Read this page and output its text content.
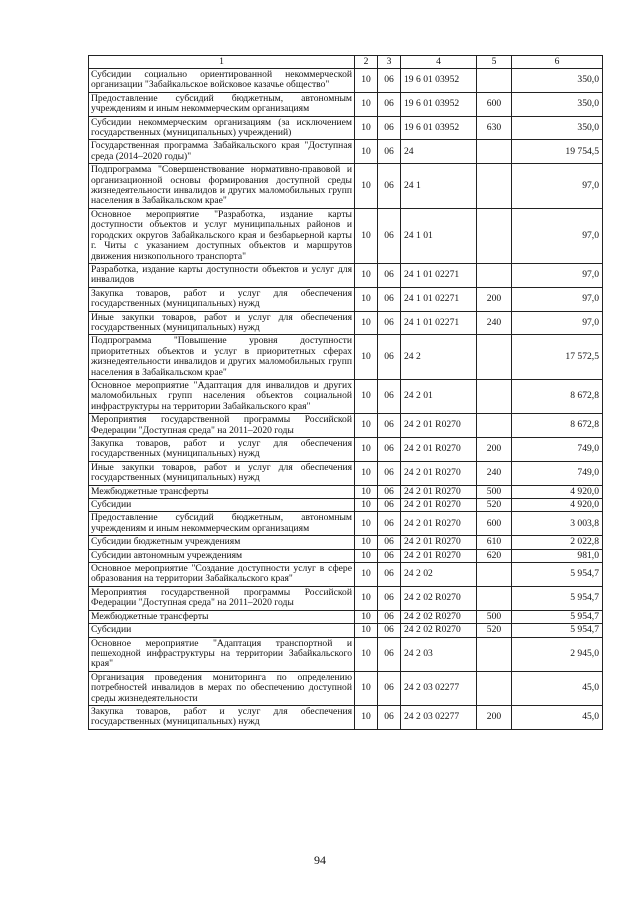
1	2	3	4	5	6
Субсидии социально ориентированной некоммерческой организации "Забайкальское войсковое казачье общество"	10	06	19 6 01 03952		350,0
Предоставление субсидий бюджетным, автономным учреждениям и иным некоммерческим организациям	10	06	19 6 01 03952	600	350,0
Субсидии некоммерческим организациям (за исключением государственных (муниципальных) учреждений)	10	06	19 6 01 03952	630	350,0
Государственная программа Забайкальского края "Доступная среда (2014–2020 годы)"	10	06	24		19 754,5
Подпрограмма "Совершенствование нормативно-правовой и организационной основы формирования доступной среды жизнедеятельности инвалидов и других маломобильных групп населения в Забайкальском крае"	10	06	24 1		97,0
Основное мероприятие "Разработка, издание карты доступности объектов и услуг муниципальных районов и городских округов Забайкальского края и безбарьерной карты г. Читы с указанием доступных объектов и маршрутов движения низкопольного транспорта"	10	06	24 1 01		97,0
Разработка, издание карты доступности объектов и услуг для инвалидов	10	06	24 1 01 02271		97,0
Закупка товаров, работ и услуг для обеспечения государственных (муниципальных) нужд	10	06	24 1 01 02271	200	97,0
Иные закупки товаров, работ и услуг для обеспечения государственных (муниципальных) нужд	10	06	24 1 01 02271	240	97,0
Подпрограмма "Повышение уровня доступности приоритетных объектов и услуг в приоритетных сферах жизнедеятельности инвалидов и других маломобильных групп населения в Забайкальском крае"	10	06	24 2		17 572,5
Основное мероприятие "Адаптация для инвалидов и других маломобильных групп населения объектов социальной инфраструктуры на территории Забайкальского края"	10	06	24 2 01		8 672,8
Мероприятия государственной программы Российской Федерации "Доступная среда" на 2011–2020 годы	10	06	24 2 01 R0270		8 672,8
Закупка товаров, работ и услуг для обеспечения государственных (муниципальных) нужд	10	06	24 2 01 R0270	200	749,0
Иные закупки товаров, работ и услуг для обеспечения государственных (муниципальных) нужд	10	06	24 2 01 R0270	240	749,0
Межбюджетные трансферты	10	06	24 2 01 R0270	500	4 920,0
Субсидии	10	06	24 2 01 R0270	520	4 920,0
Предоставление субсидий бюджетным, автономным учреждениям и иным некоммерческим организациям	10	06	24 2 01 R0270	600	3 003,8
Субсидии бюджетным учреждениям	10	06	24 2 01 R0270	610	2 022,8
Субсидии автономным учреждениям	10	06	24 2 01 R0270	620	981,0
Основное мероприятие "Создание доступности услуг в сфере образования на территории Забайкальского края"	10	06	24 2 02		5 954,7
Мероприятия государственной программы Российской Федерации "Доступная среда" на 2011–2020 годы	10	06	24 2 02 R0270		5 954,7
Межбюджетные трансферты	10	06	24 2 02 R0270	500	5 954,7
Субсидии	10	06	24 2 02 R0270	520	5 954,7
Основное мероприятие "Адаптация транспортной и пешеходной инфраструктуры на территории Забайкальского края"	10	06	24 2 03		2 945,0
Организация проведения мониторинга по определению потребностей инвалидов в мерах по обеспечению доступной среды жизнедеятельности	10	06	24 2 03 02277		45,0
Закупка товаров, работ и услуг для обеспечения государственных (муниципальных) нужд	10	06	24 2 03 02277	200	45,0
94
